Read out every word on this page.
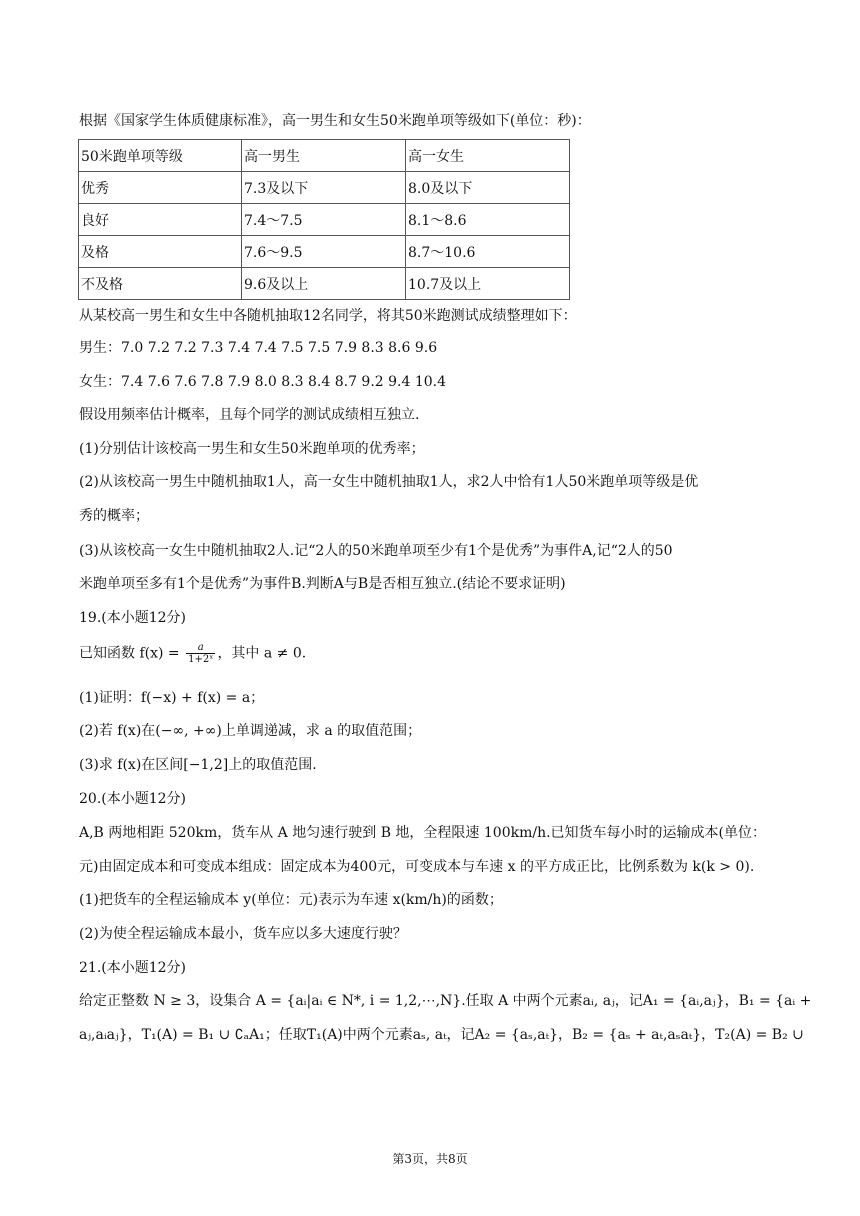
根据《国家学生体质健康标准》，高一男生和女生50米跑单项等级如下(单位：秒)：
50米跑单项等级	高一男生	高一女生
优秀	7.3及以下	8.0及以下
良好	7.4～7.5	8.1～8.6
及格	7.6～9.5	8.7～10.6
不及格	9.6及以上	10.7及以上
从某校高一男生和女生中各随机抽取12名同学，将其50米跑测试成绩整理如下：
男生：7.0 7.2 7.2 7.3 7.4 7.4 7.5 7.5 7.9 8.3 8.6 9.6
女生：7.4 7.6 7.6 7.8 7.9 8.0 8.3 8.4 8.7 9.2 9.4 10.4
假设用频率估计概率，且每个同学的测试成绩相互独立.
(1)分别估计该校高一男生和女生50米跑单项的优秀率；
(2)从该校高一男生中随机抽取1人，高一女生中随机抽取1人，求2人中恰有1人50米跑单项等级是优
秀的概率；
(3)从该校高一女生中随机抽取2人.记“2人的50米跑单项至少有1个是优秀”为事件A,记“2人的50
米跑单项至多有1个是优秀”为事件B.判断A与B是否相互独立.(结论不要求证明)
19.(本小题12分)
已知函数 $f(x) = \frac{a}{\text{1+2ˣ}}$ ，其中 a ≠ 0.
(1)证明：f(−x) + f(x) = a；
(2)若 f(x)在(−∞, +∞)上单调递减，求 a 的取值范围；
(3)求 f(x)在区间[−1,2]上的取值范围.
20.(本小题12分)
A,B 两地相距 520km，货车从 A 地匀速行驶到 B 地，全程限速 100km/h.已知货车每小时的运输成本(单位：
元)由固定成本和可变成本组成：固定成本为400元，可变成本与车速 x 的平方成正比，比例系数为 k(k > 0).
(1)把货车的全程运输成本 y(单位：元)表示为车速 x(km/h)的函数；
(2)为使全程运输成本最小，货车应以多大速度行驶？
21.(本小题12分)
给定正整数 N ≥ 3，设集合 A = {aᵢ|aᵢ ∈ N*, i = 1,2,⋯,N}.任取 A 中两个元素aᵢ, aⱼ，记A₁ = {aᵢ,aⱼ}，B₁ = {aᵢ +
aⱼ,aᵢaⱼ}，T₁(A) = B₁ ∪ ∁ₐA₁；任取T₁(A)中两个元素aₛ, aₜ，记A₂ = {aₛ,aₜ}，B₂ = {aₛ + aₜ,aₛaₜ}，T₂(A) = B₂ ∪
第3页，共8页
